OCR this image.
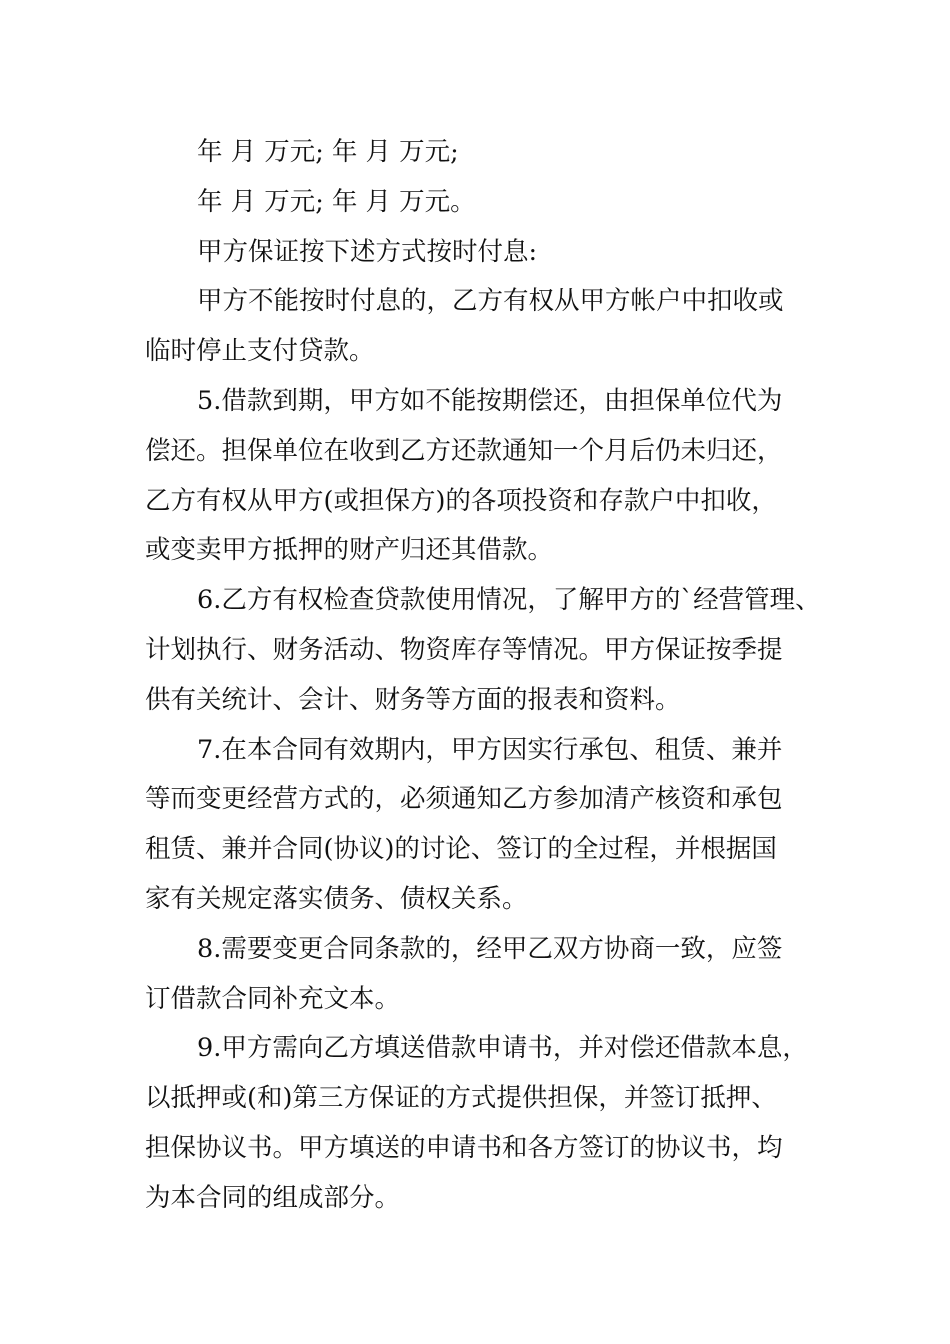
年 月 万元; 年 月 万元;
年 月 万元; 年 月 万元。
甲方保证按下述方式按时付息:
甲方不能按时付息的，乙方有权从甲方帐户中扣收或
临时停止支付贷款。
5.借款到期，甲方如不能按期偿还，由担保单位代为
偿还。担保单位在收到乙方还款通知一个月后仍未归还，
乙方有权从甲方(或担保方)的各项投资和存款户中扣收，
或变卖甲方抵押的财产归还其借款。
6.乙方有权检查贷款使用情况，了解甲方的`经营管理、
计划执行、财务活动、物资库存等情况。甲方保证按季提
供有关统计、会计、财务等方面的报表和资料。
7.在本合同有效期内，甲方因实行承包、租赁、兼并
等而变更经营方式的，必须通知乙方参加清产核资和承包
租赁、兼并合同(协议)的讨论、签订的全过程，并根据国
家有关规定落实债务、债权关系。
8.需要变更合同条款的，经甲乙双方协商一致，应签
订借款合同补充文本。
9.甲方需向乙方填送借款申请书，并对偿还借款本息，
以抵押或(和)第三方保证的方式提供担保，并签订抵押、
担保协议书。甲方填送的申请书和各方签订的协议书，均
为本合同的组成部分。
